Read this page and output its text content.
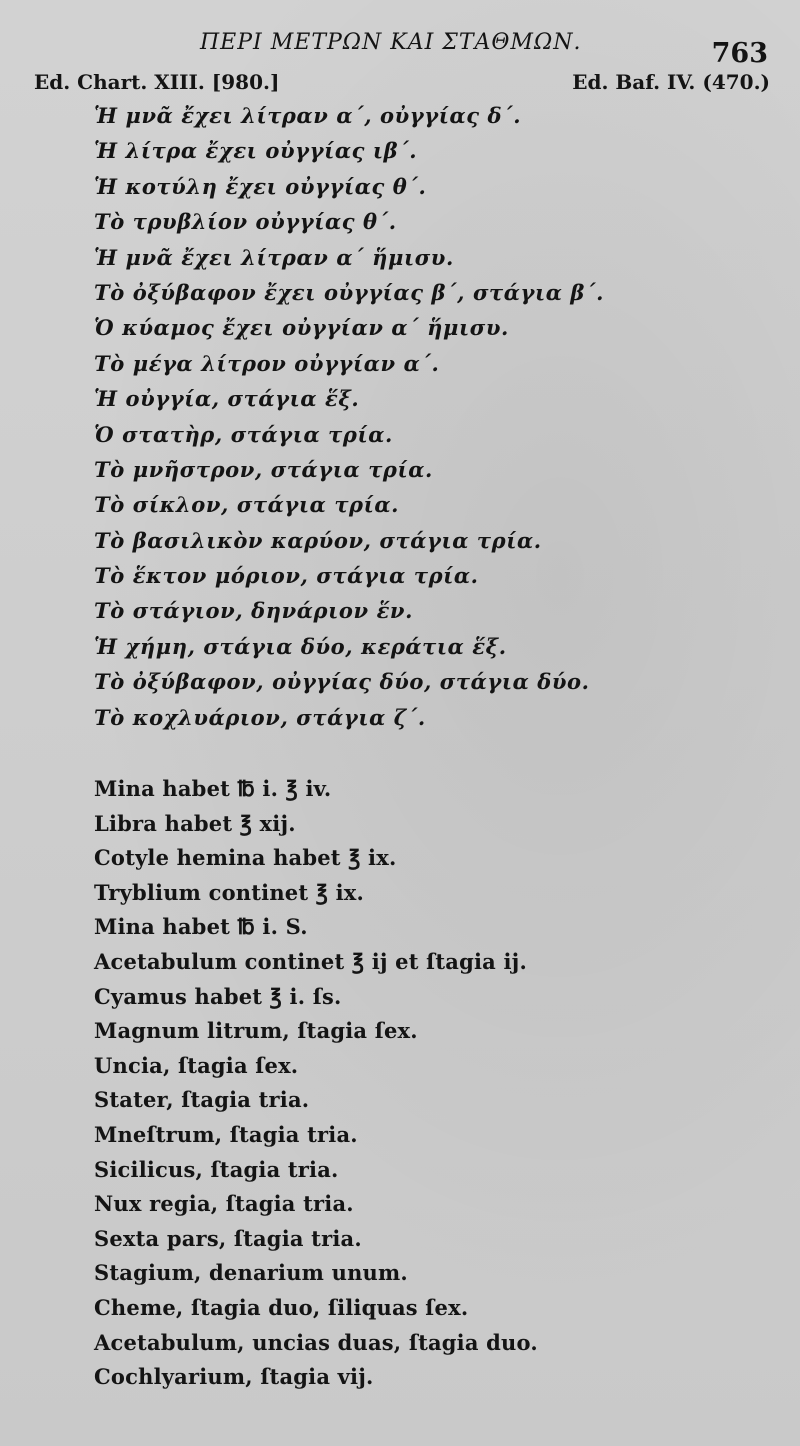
ΠΕΡΙ ΜΕΤΡΩΝ ΚΑΙ ΣΤΑΘΜΩΝ.	763
Ed. Chart. XIII. [980.]	Ed. Baf. IV. (470.)
Ἡ μνᾶ ἔχει λίτραν α΄, οὐγγίας δ΄.
Ἡ λίτρα ἔχει οὐγγίας ιβ΄.
Ἡ κοτύλη ἔχει οὐγγίας θ΄.
Τὸ τρυβλίον οὐγγίας θ΄.
Ἡ μνᾶ ἔχει λίτραν α΄ ἥμισυ.
Τὸ ὀξύβαφον ἔχει οὐγγίας β΄, στάγια β΄.
Ὁ κύαμος ἔχει οὐγγίαν α΄ ἥμισυ.
Τὸ μέγα λίτρον οὐγγίαν α΄.
Ἡ οὐγγία, στάγια ἕξ.
Ὁ στατὴρ, στάγια τρία.
Τὸ μνῆστρον, στάγια τρία.
Τὸ σίκλον, στάγια τρία.
Τὸ βασιλικὸν καρύον, στάγια τρία.
Τὸ ἕκτον μόριον, στάγια τρία.
Τὸ στάγιον, δηνάριον ἕν.
Ἡ χήμη, στάγια δύο, κεράτια ἕξ.
Τὸ ὀξύβαφον, οὐγγίας δύο, στάγια δύο.
Τὸ κοχλυάριον, στάγια ζ΄.
Mina habet ℔ i. ℥ iv.
Libra habet ℥ xij.
Cotyle hemina habet ℥ ix.
Tryblium continet ℥ ix.
Mina habet ℔ i. S.
Acetabulum continet ℥ ij et ſtagia ij.
Cyamus habet ℥ i. ſs.
Magnum litrum, ſtagia ſex.
Uncia, ſtagia ſex.
Stater, ſtagia tria.
Mneſtrum, ſtagia tria.
Sicilicus, ſtagia tria.
Nux regia, ſtagia tria.
Sexta pars, ſtagia tria.
Stagium, denarium unum.
Cheme, ſtagia duo, ſiliquas ſex.
Acetabulum, uncias duas, ſtagia duo.
Cochlyarium, ſtagia vij.
